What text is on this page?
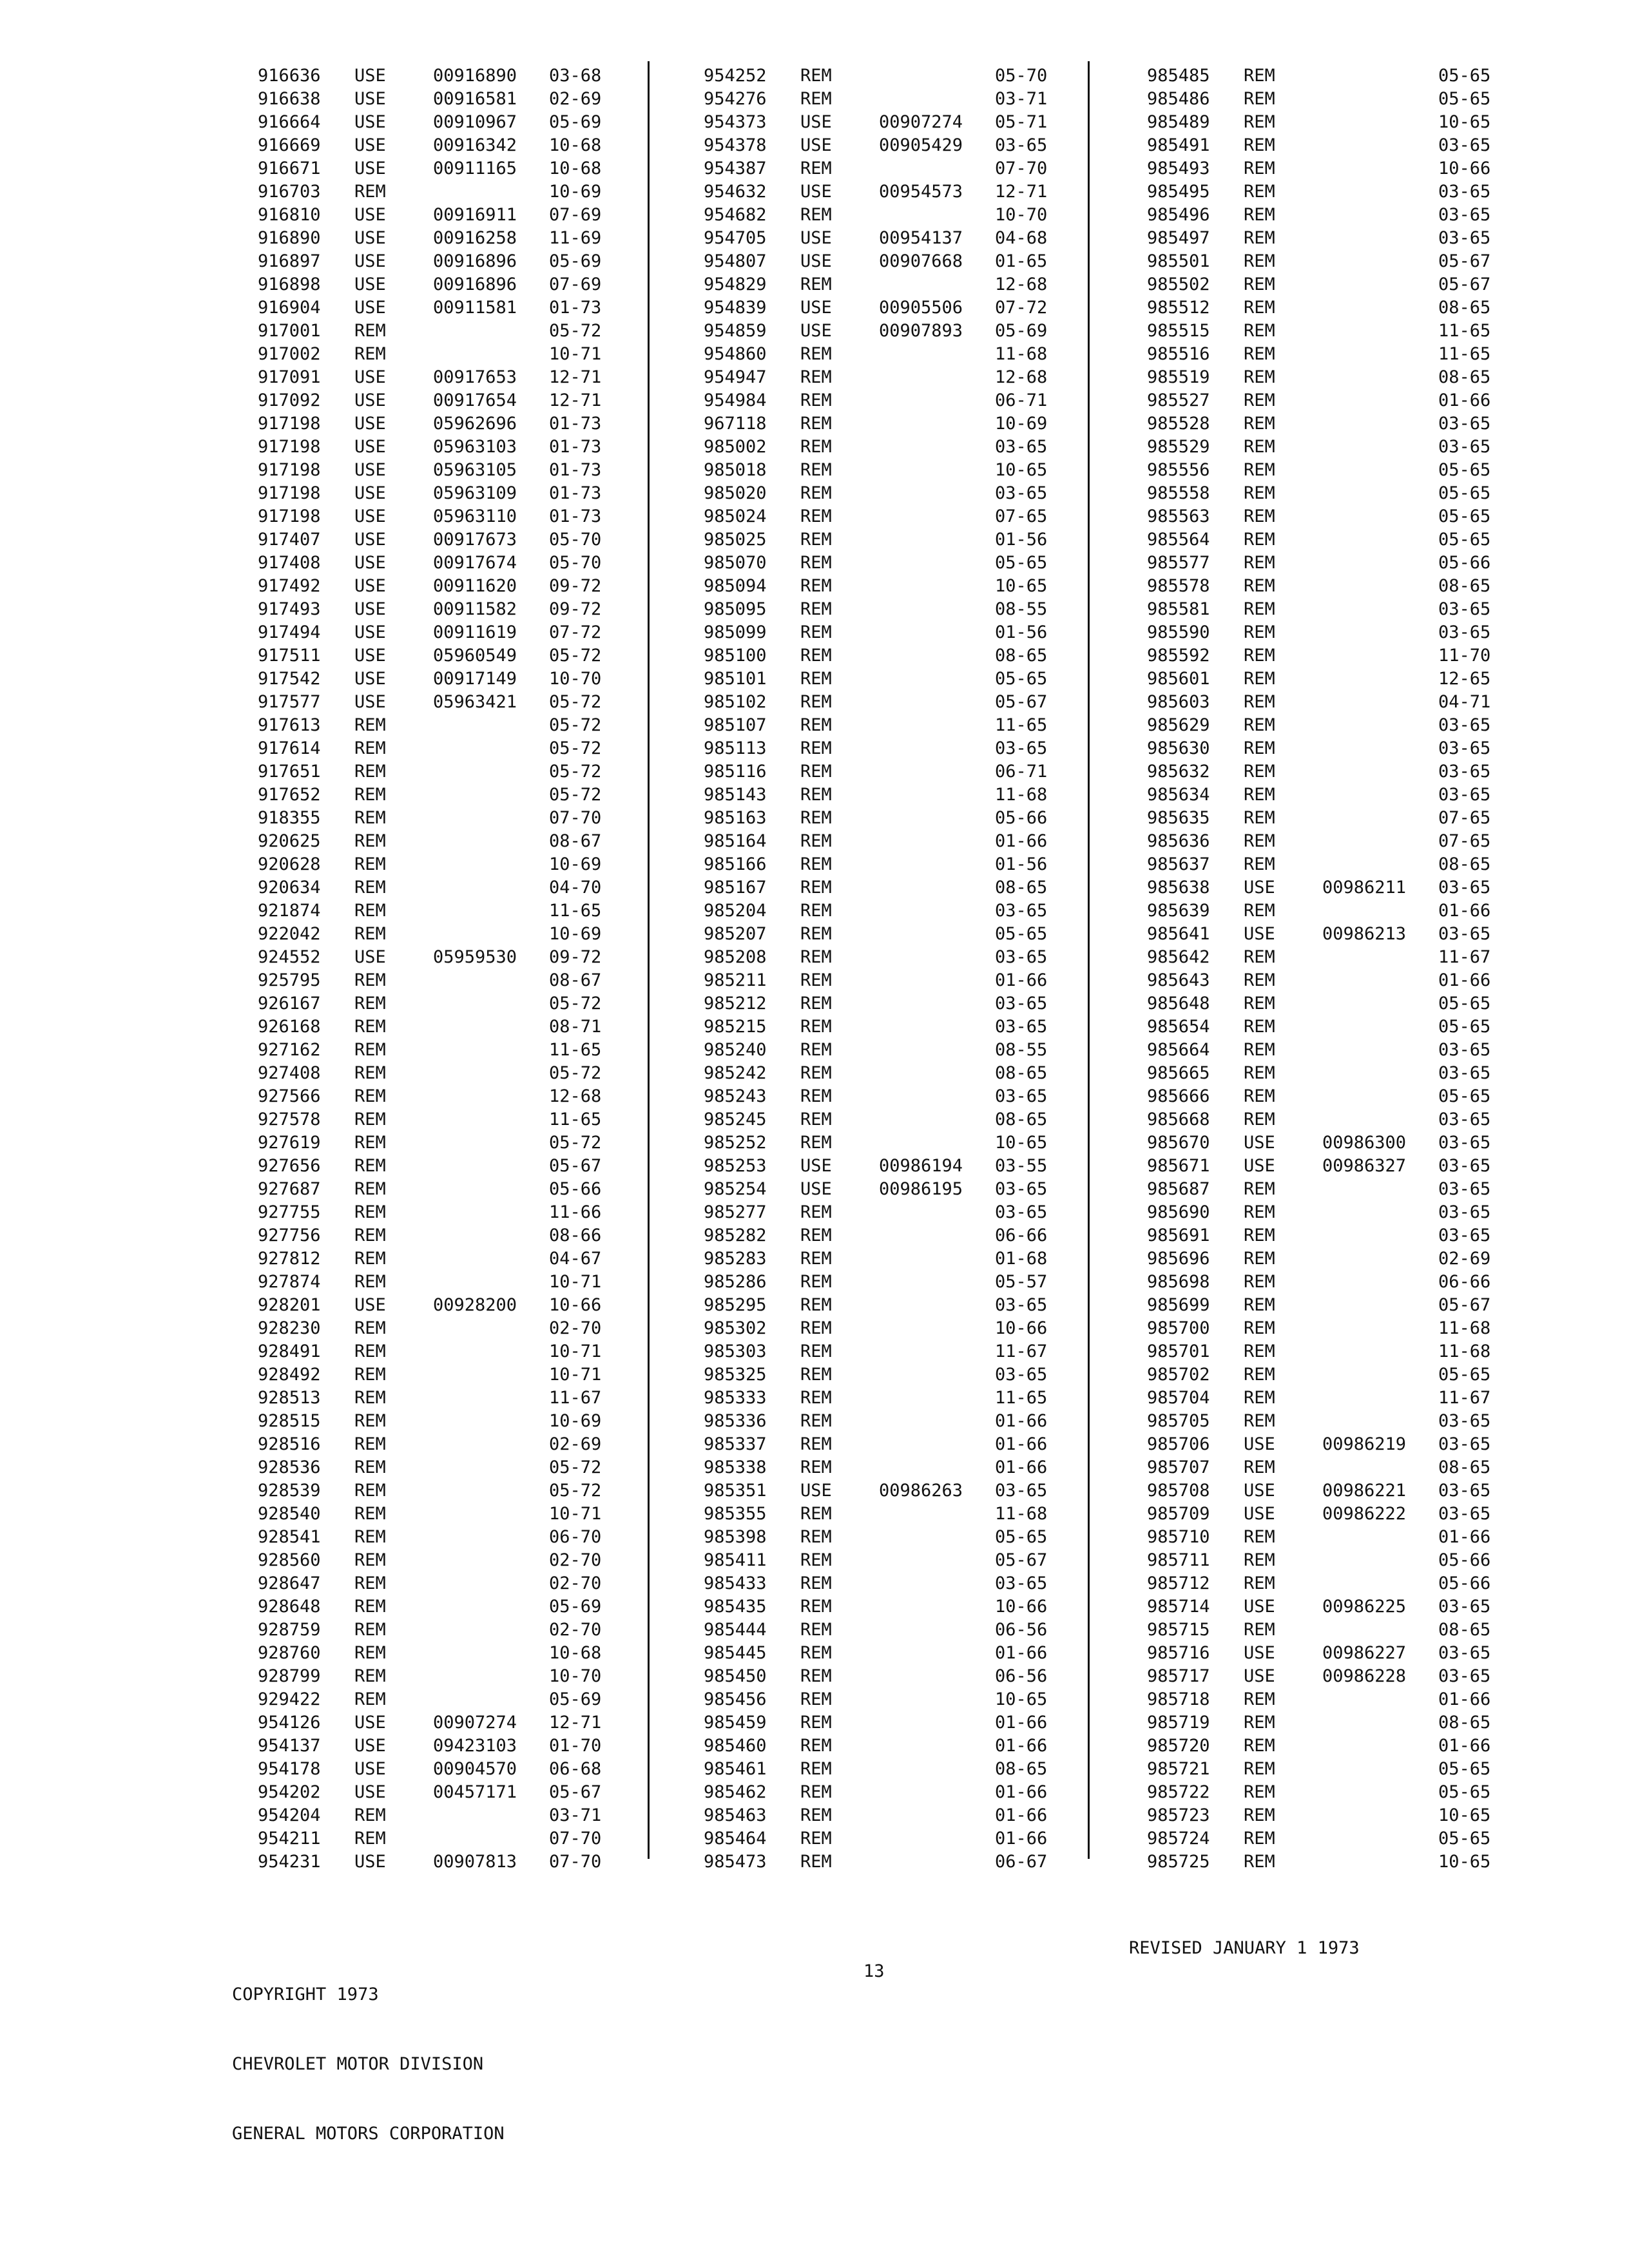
916636 USE	00916890 03-68
916638 USE	00916581 02-69
916664 USE	00910967 05-69
916669 USE	00916342 10-68
916671 USE	00911165 10-68
916703 REM	10-69
916810 USE	00916911 07-69
916890 USE	00916258 11-69
916897 USE	00916896 05-69
916898 USE	00916896 07-69
916904 USE	00911581 01-73
917001 REM	05-72
917002 REM	10-71
917091 USE	00917653 12-71
917092 USE	00917654 12-71
917198 USE	05962696 01-73
917198 USE	05963103 01-73
917198 USE	05963105 01-73
917198 USE	05963109 01-73
917198 USE	05963110 01-73
917407 USE	00917673 05-70
917408 USE	00917674 05-70
917492 USE	00911620 09-72
917493 USE	00911582 09-72
917494 USE	00911619 07-72
917511 USE	05960549 05-72
917542 USE	00917149 10-70
917577 USE	05963421 05-72
917613 REM	05-72
917614 REM	05-72
917651 REM	05-72
917652 REM	05-72
918355 REM	07-70
920625 REM	08-67
920628 REM	10-69
920634 REM	04-70
921874 REM	11-65
922042 REM	10-69
924552 USE	05959530 09-72
925795 REM	08-67
926167 REM	05-72
926168 REM	08-71
927162 REM	11-65
927408 REM	05-72
927566 REM	12-68
927578 REM	11-65
927619 REM	05-72
927656 REM	05-67
927687 REM	05-66
927755 REM	11-66
927756 REM	08-66
927812 REM	04-67
927874 REM	10-71
928201 USE	00928200 10-66
928230 REM	02-70
928491 REM	10-71
928492 REM	10-71
928513 REM	11-67
928515 REM	10-69
928516 REM	02-69
928536 REM	05-72
928539 REM	05-72
928540 REM	10-71
928541 REM	06-70
928560 REM	02-70
928647 REM	02-70
928648 REM	05-69
928759 REM	02-70
928760 REM	10-68
928799 REM	10-70
929422 REM	05-69
954126 USE	00907274 12-71
954137 USE	09423103 01-70
954178 USE	00904570 06-68
954202 USE	00457171 05-67
954204 REM	03-71
954211 REM	07-70
954231 USE	00907813 07-70
954252 REM	05-70
954276 REM	03-71
954373 USE	00907274 05-71
954378 USE	00905429 03-65
954387 REM	07-70
954632 USE	00954573 12-71
954682 REM	10-70
954705 USE	00954137 04-68
954807 USE	00907668 01-65
954829 REM	12-68
954839 USE	00905506 07-72
954859 USE	00907893 05-69
954860 REM	11-68
954947 REM	12-68
954984 REM	06-71
967118 REM	10-69
985002 REM	03-65
985018 REM	10-65
985020 REM	03-65
985024 REM	07-65
985025 REM	01-56
985070 REM	05-65
985094 REM	10-65
985095 REM	08-55
985099 REM	01-56
985100 REM	08-65
985101 REM	05-65
985102 REM	05-67
985107 REM	11-65
985113 REM	03-65
985116 REM	06-71
985143 REM	11-68
985163 REM	05-66
985164 REM	01-66
985166 REM	01-56
985167 REM	08-65
985204 REM	03-65
985207 REM	05-65
985208 REM	03-65
985211 REM	01-66
985212 REM	03-65
985215 REM	03-65
985240 REM	08-55
985242 REM	08-65
985243 REM	03-65
985245 REM	08-65
985252 REM	10-65
985253 USE	00986194 03-55
985254 USE	00986195 03-65
985277 REM	03-65
985282 REM	06-66
985283 REM	01-68
985286 REM	05-57
985295 REM	03-65
985302 REM	10-66
985303 REM	11-67
985325 REM	03-65
985333 REM	11-65
985336 REM	01-66
985337 REM	01-66
985338 REM	01-66
985351 USE	00986263 03-65
985355 REM	11-68
985398 REM	05-65
985411 REM	05-67
985433 REM	03-65
985435 REM	10-66
985444 REM	06-56
985445 REM	01-66
985450 REM	06-56
985456 REM	10-65
985459 REM	01-66
985460 REM	01-66
985461 REM	08-65
985462 REM	01-66
985463 REM	01-66
985464 REM	01-66
985473 REM	06-67
985485 REM	05-65
985486 REM	05-65
985489 REM	10-65
985491 REM	03-65
985493 REM	10-66
985495 REM	03-65
985496 REM	03-65
985497 REM	03-65
985501 REM	05-67
985502 REM	05-67
985512 REM	08-65
985515 REM	11-65
985516 REM	11-65
985519 REM	08-65
985527 REM	01-66
985528 REM	03-65
985529 REM	03-65
985556 REM	05-65
985558 REM	05-65
985563 REM	05-65
985564 REM	05-65
985577 REM	05-66
985578 REM	08-65
985581 REM	03-65
985590 REM	03-65
985592 REM	11-70
985601 REM	12-65
985603 REM	04-71
985629 REM	03-65
985630 REM	03-65
985632 REM	03-65
985634 REM	03-65
985635 REM	07-65
985636 REM	07-65
985637 REM	08-65
985638 USE	00986211 03-65
985639 REM	01-66
985641 USE	00986213 03-65
985642 REM	11-67
985643 REM	01-66
985648 REM	05-65
985654 REM	05-65
985664 REM	03-65
985665 REM	03-65
985666 REM	05-65
985668 REM	03-65
985670 USE	00986300 03-65
985671 USE	00986327 03-65
985687 REM	03-65
985690 REM	03-65
985691 REM	03-65
985696 REM	02-69
985698 REM	06-66
985699 REM	05-67
985700 REM	11-68
985701 REM	11-68
985702 REM	05-65
985704 REM	11-67
985705 REM	03-65
985706 USE	00986219 03-65
985707 REM	08-65
985708 USE	00986221 03-65
985709 USE	00986222 03-65
985710 REM	01-66
985711 REM	05-66
985712 REM	05-66
985714 USE	00986225 03-65
985715 REM	08-65
985716 USE	00986227 03-65
985717 USE	00986228 03-65
985718 REM	01-66
985719 REM	08-65
985720 REM	01-66
985721 REM	05-65
985722 REM	05-65
985723 REM	10-65
985724 REM	05-65
985725 REM	10-65

COPYRIGHT 1973

CHEVROLET MOTOR DIVISION

GENERAL MOTORS CORPORATION

13
REVISED JANUARY 1 1973
